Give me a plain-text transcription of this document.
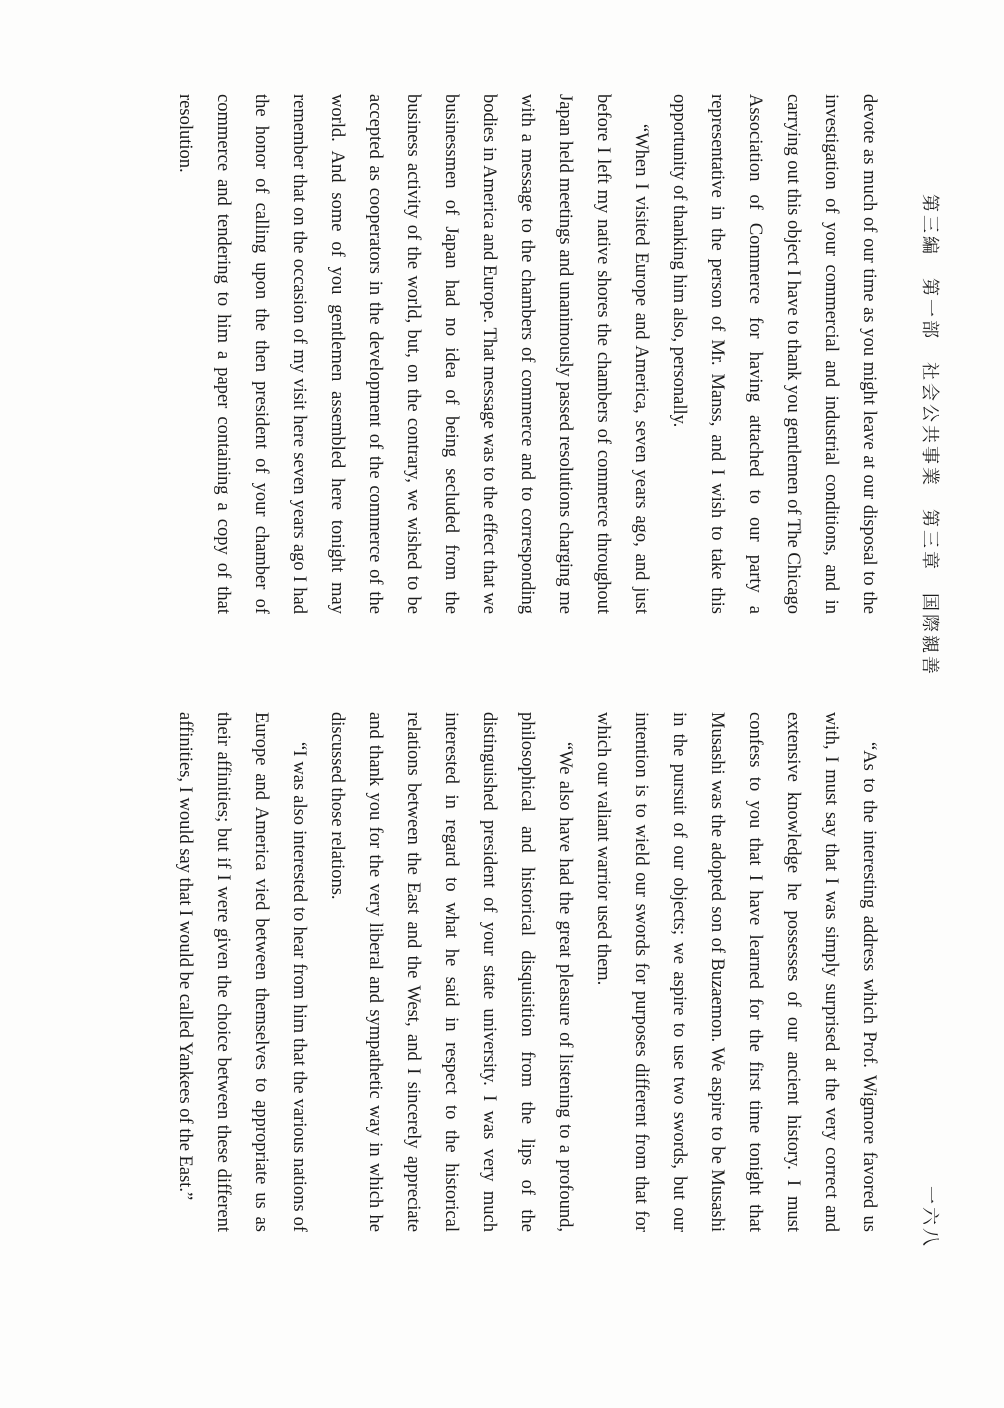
第三編　第一部　社会公共事業　第三章　国際親善
一六八

devote as much of our time as you might leave at our disposal to the investigation of your commercial and industrial conditions, and in carrying out this object I have to thank you gentlemen of The Chicago Association of Commerce for having attached to our party a representative in the person of Mr. Manss, and I wish to take this opportunity of thanking him also, personally.

“When I visited Europe and America, seven years ago, and just before I left my native shores the chambers of commerce throughout Japan held meetings and unanimously passed resolutions charging me with a message to the chambers of commerce and to corresponding bodies in America and Europe. That message was to the effect that we businessmen of Japan had no idea of being secluded from the business activity of the world, but, on the contrary, we wished to be accepted as cooperators in the development of the commerce of the world. And some of you gentlemen assembled here tonight may remember that on the occasion of my visit here seven years ago I had the honor of calling upon the then president of your chamber of commerce and tendering to him a paper containing a copy of that resolution.

“As to the interesting address which Prof. Wigmore favored us with, I must say that I was simply surprised at the very correct and extensive knowledge he possesses of our ancient history. I must confess to you that I have learned for the first time tonight that Musashi was the adopted son of Buzaemon. We aspire to be Musashi in the pursuit of our objects; we aspire to use two swords, but our intention is to wield our swords for purposes different from that for which our valiant warrior used them.

“We also have had the great pleasure of listening to a profound, philosophical and historical disquisition from the lips of the distinguished president of your state university. I was very much interested in regard to what he said in respect to the historical relations between the East and the West, and I sincerely appreciate and thank you for the very liberal and sympathetic way in which he discussed those relations.

“I was also interested to hear from him that the various nations of Europe and America vied between themselves to appropriate us as their affinities; but if I were given the choice between these different affinities, I would say that I would be called Yankees of the East.”
